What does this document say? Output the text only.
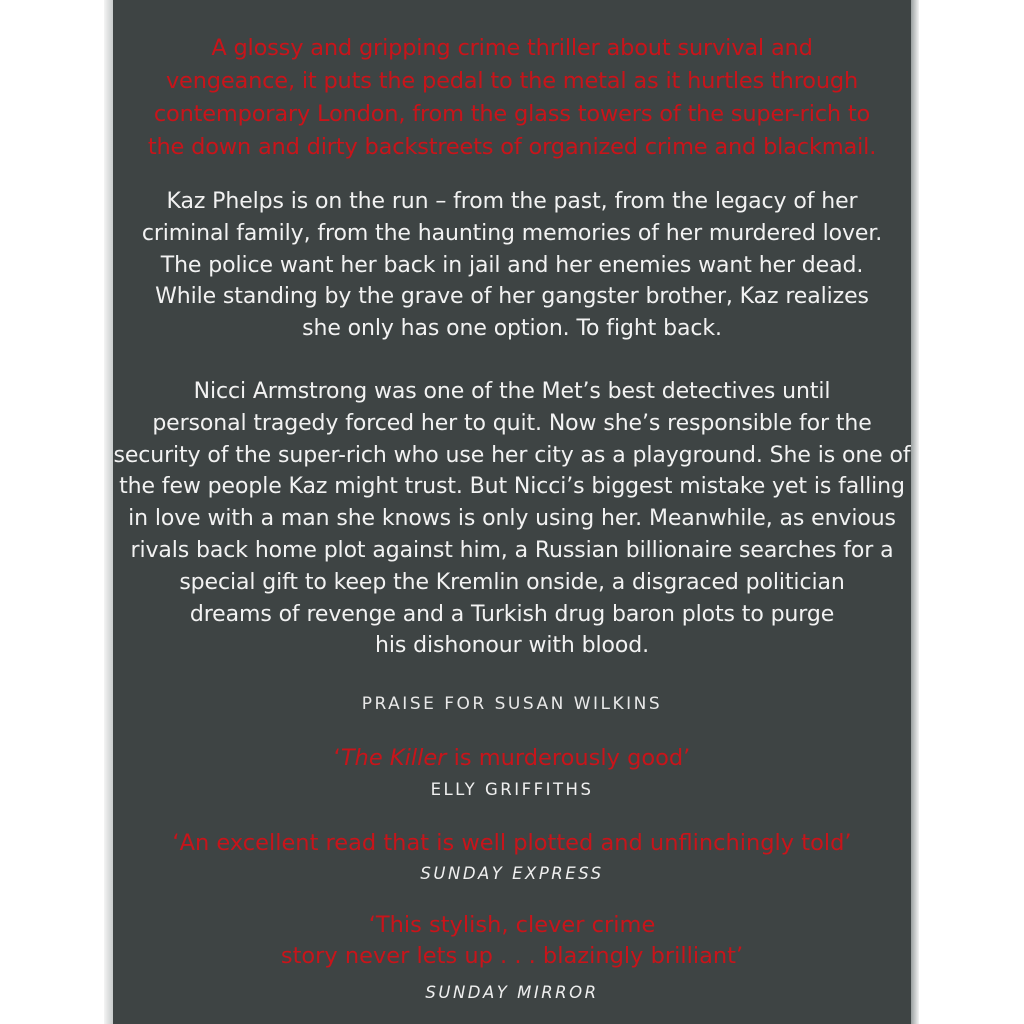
A glossy and gripping crime thriller about survival and
vengeance, it puts the pedal to the metal as it hurtles through
contemporary London, from the glass towers of the super-rich to
the down and dirty backstreets of organized crime and blackmail.
Kaz Phelps is on the run – from the past, from the legacy of her
criminal family, from the haunting memories of her murdered lover.
The police want her back in jail and her enemies want her dead.
While standing by the grave of her gangster brother, Kaz realizes
she only has one option. To fight back.
Nicci Armstrong was one of the Met’s best detectives until
personal tragedy forced her to quit. Now she’s responsible for the
security of the super-rich who use her city as a playground. She is one of
the few people Kaz might trust. But Nicci’s biggest mistake yet is falling
in love with a man she knows is only using her. Meanwhile, as envious
rivals back home plot against him, a Russian billionaire searches for a
special gift to keep the Kremlin onside, a disgraced politician
dreams of revenge and a Turkish drug baron plots to purge
his dishonour with blood.
PRAISE FOR SUSAN WILKINS
‘The Killer is murderously good’
ELLY GRIFFITHS
‘An excellent read that is well plotted and unflinchingly told’
SUNDAY EXPRESS
‘This stylish, clever crime
story never lets up . . . blazingly brilliant’
SUNDAY MIRROR
